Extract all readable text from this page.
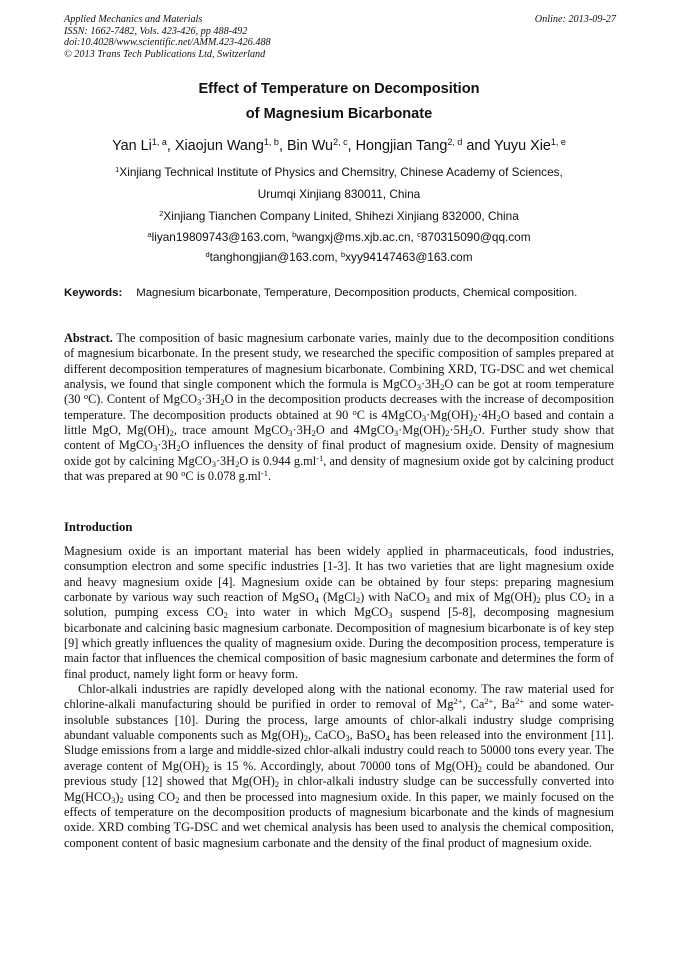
Applied Mechanics and Materials
ISSN: 1662-7482, Vols. 423-426, pp 488-492
doi:10.4028/www.scientific.net/AMM.423-426.488
© 2013 Trans Tech Publications Ltd, Switzerland
Online: 2013-09-27
Effect of Temperature on Decomposition
of Magnesium Bicarbonate
Yan Li$^{1, a}$, Xiaojun Wang$^{1, b}$, Bin Wu$^{2, c}$, Hongjian Tang$^{2, d}$ and Yuyu Xie$^{1, e}$
$^1$Xinjiang Technical Institute of Physics and Chemsitry, Chinese Academy of Sciences,
Urumqi Xinjiang 830011, China
$^2$Xinjiang Tianchen Company Linited, Shihezi Xinjiang 832000, China
$^a$liyan19809743@163.com, $^b$wangxj@ms.xjb.ac.cn, $^c$870315090@qq.com
$^d$tanghongjian@163.com, $^b$xyy94147463@163.com
Keywords: Magnesium bicarbonate, Temperature, Decomposition products, Chemical composition.
Abstract. The composition of basic magnesium carbonate varies, mainly due to the decomposition conditions of magnesium bicarbonate. In the present study, we researched the specific composition of samples prepared at different decomposition temperatures of magnesium bicarbonate. Combining XRD, TG-DSC and wet chemical analysis, we found that single component which the formula is $MgCO_3\cdot 3H_2O$ can be got at room temperature (30 $^o$C). Content of $MgCO_3\cdot 3H_2O$ in the decomposition products decreases with the increase of decomposition temperature. The decomposition products obtained at 90 $^o$C is $4MgCO_3\cdot Mg(OH)_2\cdot 4H_2O$ based and contain a little MgO, $Mg(OH)_2$, trace amount $MgCO_3\cdot 3H_2O$ and $4MgCO_3\cdot Mg(OH)_2\cdot 5H_2O$. Further study show that content of $MgCO_3\cdot 3H_2O$ influences the density of final product of magnesium oxide. Density of magnesium oxide got by calcining $MgCO_3\cdot 3H_2O$ is 0.944 $g.ml^{-1}$, and density of magnesium oxide got by calcining product that was prepared at 90 $^o$C is 0.078 $g.ml^{-1}$.
Introduction

Magnesium oxide is an important material has been widely applied in pharmaceuticals, food industries, consumption electron and some specific industries [1-3]. It has two varieties that are light magnesium oxide and heavy magnesium oxide [4]. Magnesium oxide can be obtained by four steps: preparing magnesium carbonate by various way such reaction of MgSO$_4$ (MgCl$_2$) with NaCO$_3$ and mix of $Mg(OH)_2$ plus $CO_2$ in a solution, pumping excess $CO_2$ into water in which MgCO$_3$ suspend [5-8], decomposing magnesium bicarbonate and calcining basic magnesium carbonate. Decomposition of magnesium bicarbonate is of key step [9] which greatly influences the quality of magnesium oxide. During the decomposition process, temperature is main factor that influences the chemical composition of basic magnesium carbonate and determines the form of final product, namely light form or heavy form.

Chlor-alkali industries are rapidly developed along with the national economy. The raw material used for chlorine-alkali manufacturing should be purified in order to removal of $Mg^{2+}$, $Ca^{2+}$, $Ba^{2+}$ and some water-insoluble substances [10]. During the process, large amounts of chlor-alkali industry sludge comprising abundant valuable components such as $Mg(OH)_2$, CaCO$_3$, BaSO$_4$ has been released into the environment [11]. Sludge emissions from a large and middle-sized chlor-alkali industry could reach to 50000 tons every year. The average content of $Mg(OH)_2$ is 15 %. Accordingly, about 70000 tons of $Mg(OH)_2$ could be abandoned. Our previous study [12] showed that $Mg(OH)_2$ in chlor-alkali industry sludge can be successfully converted into $Mg(HCO_3)_2$ using $CO_2$ and then be processed into magnesium oxide. In this paper, we mainly focused on the effects of temperature on the decomposition products of magnesium bicarbonate and the kinds of magnesium oxide. XRD combing TG-DSC and wet chemical analysis has been used to analysis the chemical composition, component content of basic magnesium carbonate and the density of the final product of magnesium oxide.
